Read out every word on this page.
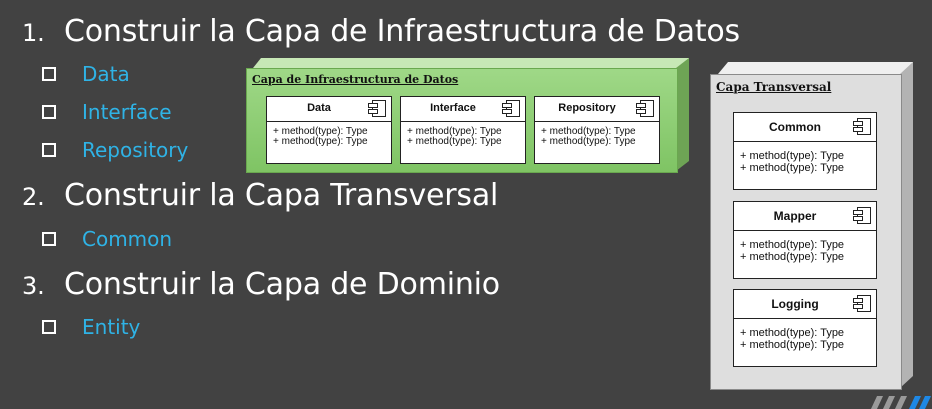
1. Construir la Capa de Infraestructura de Datos
Data
Interface
Repository
2. Construir la Capa Transversal
Common
3. Construir la Capa de Dominio
Entity
Capa de Infraestructura de Datos
Data
+ method(type): Type
+ method(type): Type
Interface
+ method(type): Type
+ method(type): Type
Repository
+ method(type): Type
+ method(type): Type
Capa Transversal
Common
+ method(type): Type
+ method(type): Type
Mapper
+ method(type): Type
+ method(type): Type
Logging
+ method(type): Type
+ method(type): Type
